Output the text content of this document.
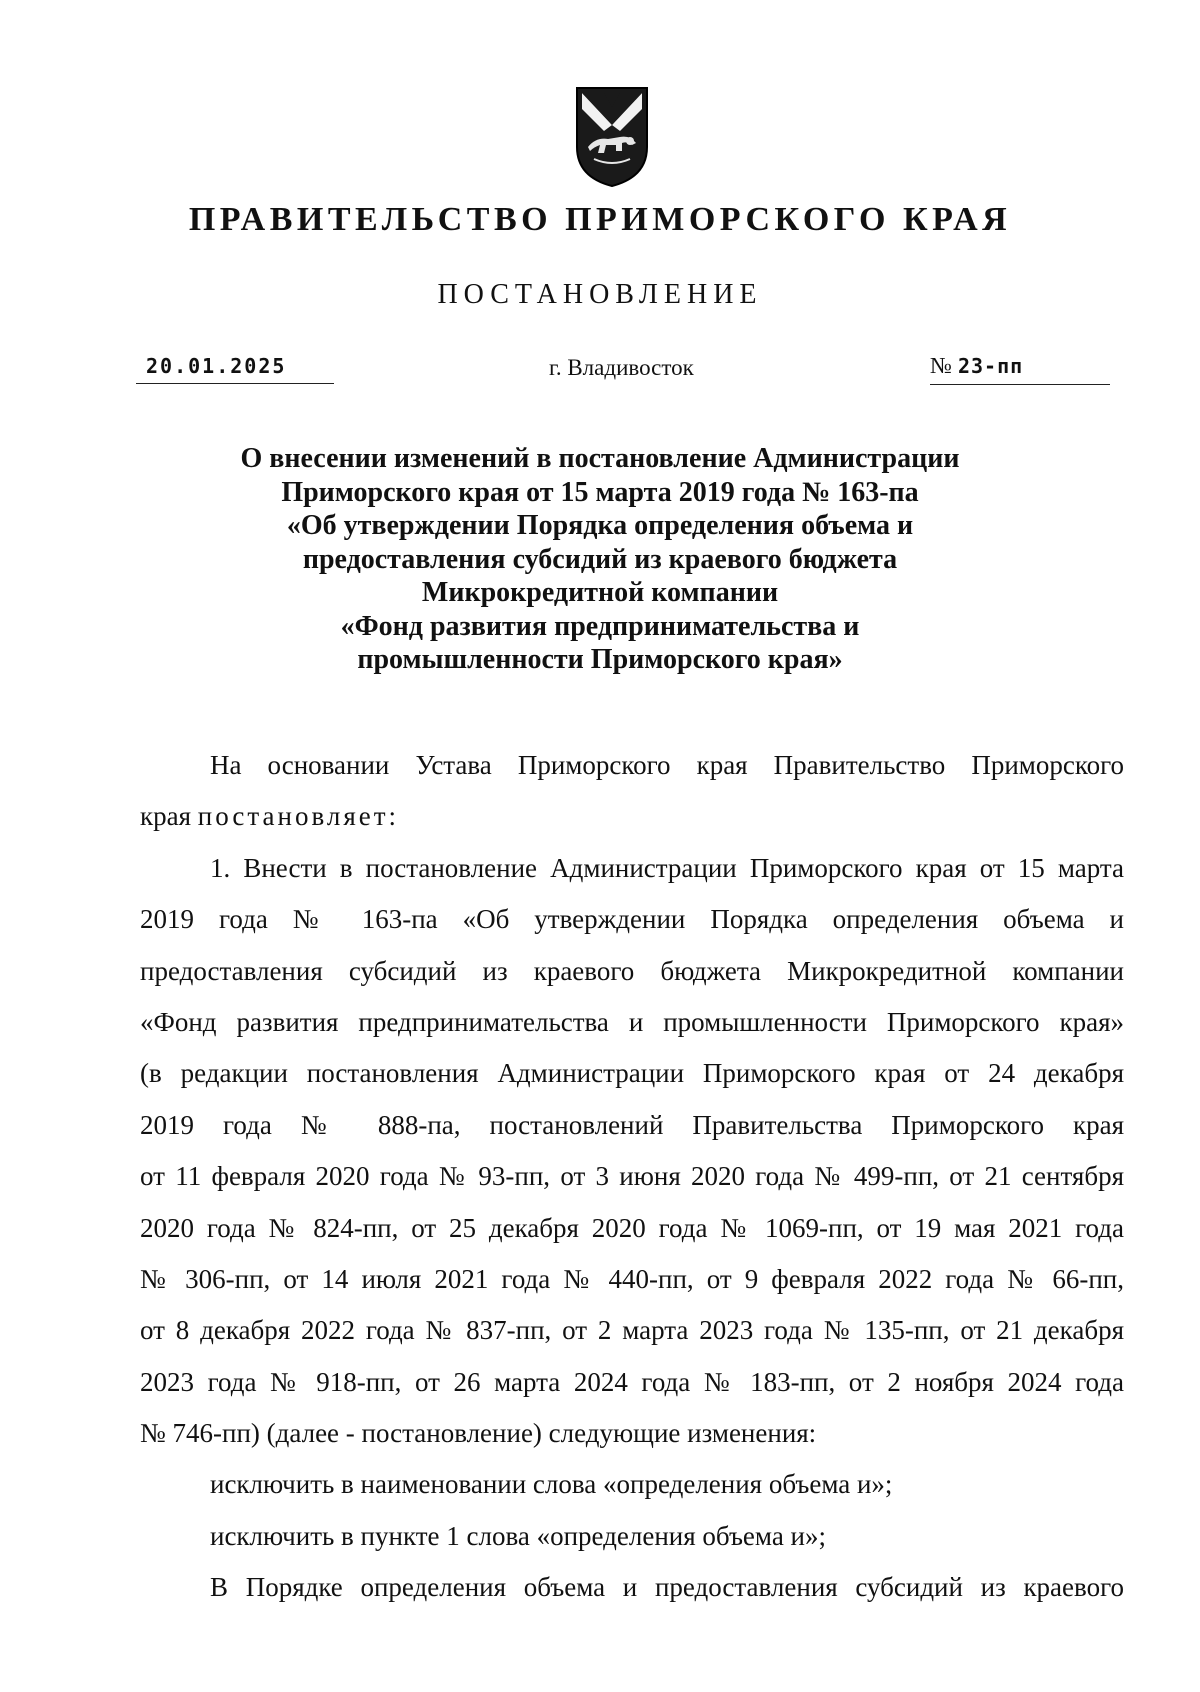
ПРАВИТЕЛЬСТВО ПРИМОРСКОГО КРАЯ
ПОСТАНОВЛЕНИЕ
20.01.2025	г. Владивосток	№ 23-пп
О внесении изменений в постановление Администрации
Приморского края от 15 марта 2019 года № 163-па
«Об утверждении Порядка определения объема и
предоставления субсидий из краевого бюджета
Микрокредитной компании
«Фонд развития предпринимательства и
промышленности Приморского края»
На основании Устава Приморского края Правительство Приморского
края постановляет:
1. Внести в постановление Администрации Приморского края от 15 марта
2019 года № 163-па «Об утверждении Порядка определения объема и
предоставления субсидий из краевого бюджета Микрокредитной компании
«Фонд развития предпринимательства и промышленности Приморского края»
(в редакции постановления Администрации Приморского края от 24 декабря
2019 года № 888-па, постановлений Правительства Приморского края
от 11 февраля 2020 года № 93-пп, от 3 июня 2020 года № 499-пп, от 21 сентября
2020 года № 824-пп, от 25 декабря 2020 года № 1069-пп, от 19 мая 2021 года
№ 306-пп, от 14 июля 2021 года № 440-пп, от 9 февраля 2022 года № 66-пп,
от 8 декабря 2022 года № 837-пп, от 2 марта 2023 года № 135-пп, от 21 декабря
2023 года № 918-пп, от 26 марта 2024 года № 183-пп, от 2 ноября 2024 года
№ 746-пп) (далее - постановление) следующие изменения:
исключить в наименовании слова «определения объема и»;
исключить в пункте 1 слова «определения объема и»;
В Порядке определения объема и предоставления субсидий из краевого
